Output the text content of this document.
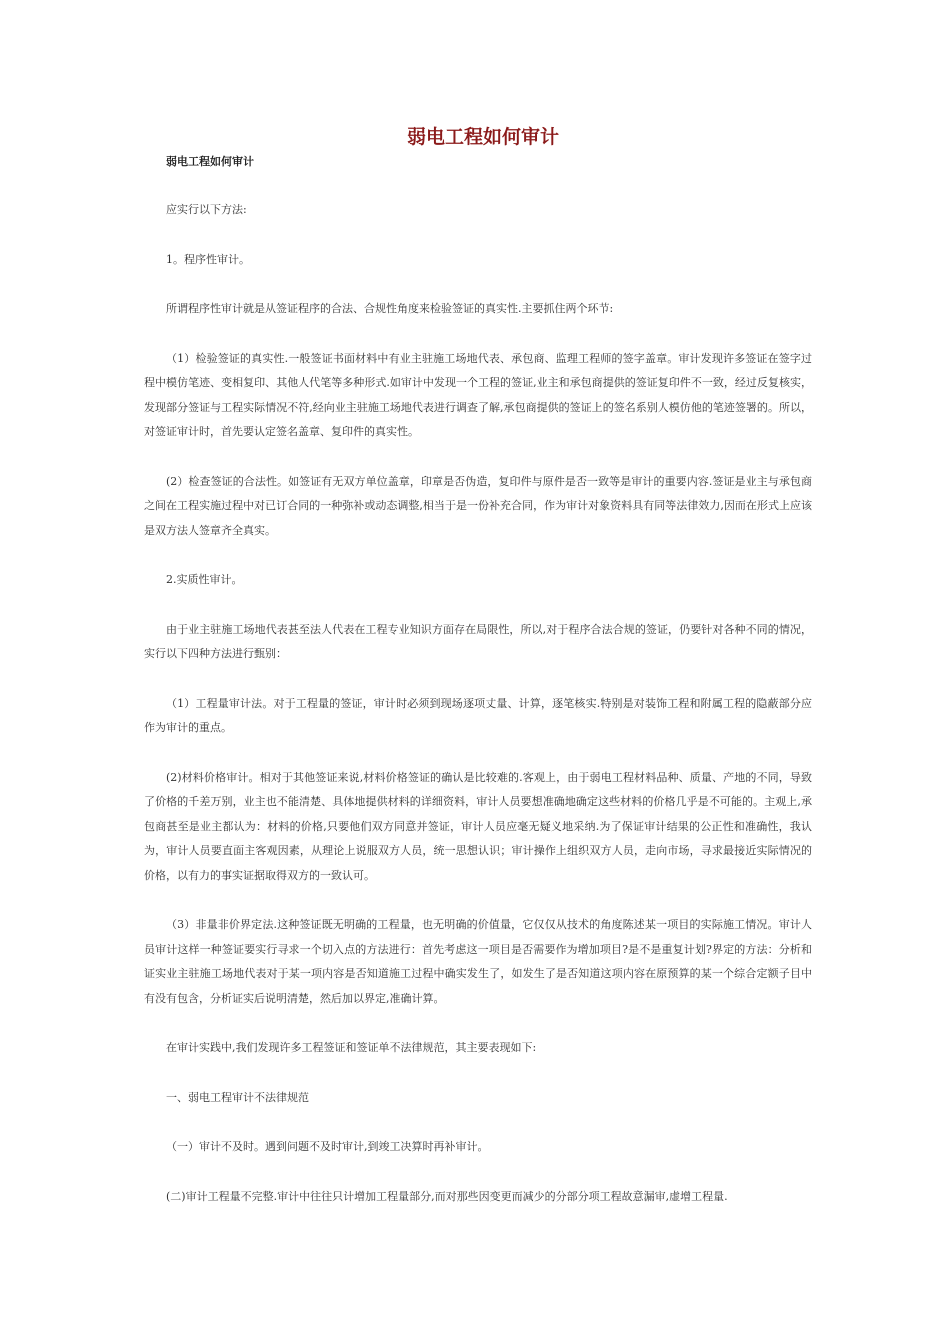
弱电工程如何审计
弱电工程如何审计

应实行以下方法:

1。程序性审计。

所谓程序性审计就是从签证程序的合法、合规性角度来检验签证的真实性.主要抓住两个环节:

（1）检验签证的真实性.一般签证书面材料中有业主驻施工场地代表、承包商、监理工程师的签字盖章。审计发现许多签证在签字过程中模仿笔迹、变相复印、其他人代笔等多种形式.如审计中发现一个工程的签证,业主和承包商提供的签证复印件不一致，经过反复核实，发现部分签证与工程实际情况不符,经向业主驻施工场地代表进行调查了解,承包商提供的签证上的签名系别人模仿他的笔迹签署的。所以，对签证审计时，首先要认定签名盖章、复印件的真实性。

(2）检查签证的合法性。如签证有无双方单位盖章，印章是否伪造，复印件与原件是否一致等是审计的重要内容.签证是业主与承包商之间在工程实施过程中对已订合同的一种弥补或动态调整,相当于是一份补充合同，作为审计对象资料具有同等法律效力,因而在形式上应该是双方法人签章齐全真实。

2.实质性审计。

由于业主驻施工场地代表甚至法人代表在工程专业知识方面存在局限性，所以,对于程序合法合规的签证，仍要针对各种不同的情况，实行以下四种方法进行甄别：

（1）工程量审计法。对于工程量的签证，审计时必须到现场逐项丈量、计算，逐笔核实.特别是对装饰工程和附属工程的隐蔽部分应作为审计的重点。

(2)材料价格审计。相对于其他签证来说,材料价格签证的确认是比较难的.客观上，由于弱电工程材料品种、质量、产地的不同，导致了价格的千差万别，业主也不能清楚、具体地提供材料的详细资料，审计人员要想准确地确定这些材料的价格几乎是不可能的。主观上,承包商甚至是业主都认为：材料的价格,只要他们双方同意并签证，审计人员应毫无疑义地采纳.为了保证审计结果的公正性和准确性，我认为，审计人员要直面主客观因素，从理论上说服双方人员，统一思想认识；审计操作上组织双方人员，走向市场，寻求最接近实际情况的价格，以有力的事实证据取得双方的一致认可。

（3）非量非价界定法.这种签证既无明确的工程量，也无明确的价值量，它仅仅从技术的角度陈述某一项目的实际施工情况。审计人员审计这样一种签证要实行寻求一个切入点的方法进行：首先考虑这一项目是否需要作为增加项目?是不是重复计划?界定的方法：分析和证实业主驻施工场地代表对于某一项内容是否知道施工过程中确实发生了，如发生了是否知道这项内容在原预算的某一个综合定额子目中有没有包含，分析证实后说明清楚，然后加以界定,准确计算。

在审计实践中,我们发现许多工程签证和签证单不法律规范，其主要表现如下:

一、弱电工程审计不法律规范

（一）审计不及时。遇到问题不及时审计,到竣工决算时再补审计。

(二)审计工程量不完整.审计中往往只计增加工程量部分,而对那些因变更而减少的分部分项工程故意漏审,虚增工程量.
